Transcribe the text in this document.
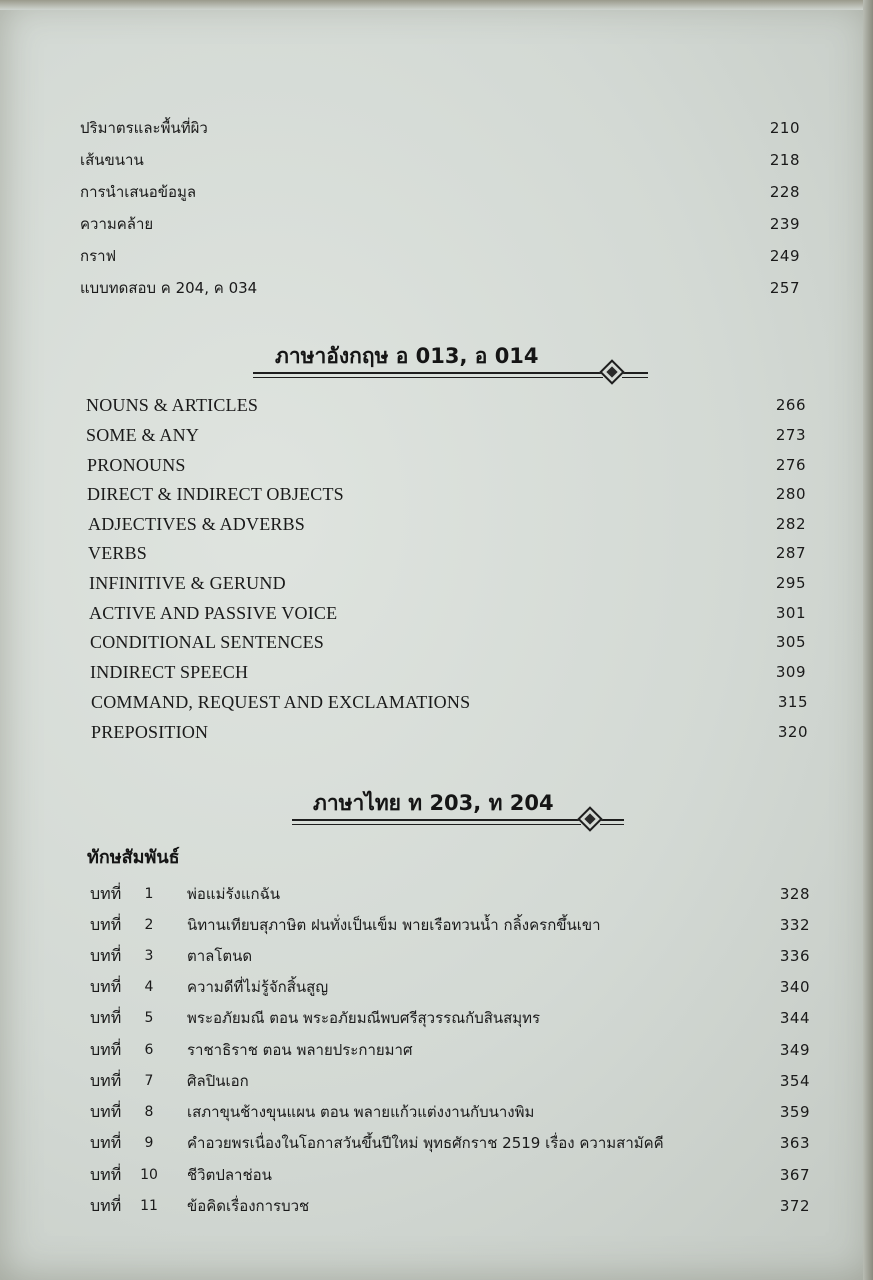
ปริมาตรและพื้นที่ผิว	210
เส้นขนาน	218
การนำเสนอข้อมูล	228
ความคล้าย	239
กราฟ	249
แบบทดสอบ ค 204, ค 034	257
ภาษาอังกฤษ อ 013, อ 014
NOUNS & ARTICLES	266
SOME & ANY	273
PRONOUNS	276
DIRECT & INDIRECT OBJECTS	280
ADJECTIVES & ADVERBS	282
VERBS	287
INFINITIVE & GERUND	295
ACTIVE AND PASSIVE VOICE	301
CONDITIONAL SENTENCES	305
INDIRECT SPEECH	309
COMMAND, REQUEST AND EXCLAMATIONS	315
PREPOSITION	320
ภาษาไทย ท 203, ท 204
ทักษสัมพันธ์
บทที่	1	พ่อแม่รังแกฉัน	328
บทที่	2	นิทานเทียบสุภาษิต ฝนทั่งเป็นเข็ม พายเรือทวนน้ำ กลิ้งครกขึ้นเขา	332
บทที่	3	ตาลโตนด	336
บทที่	4	ความดีที่ไม่รู้จักสิ้นสูญ	340
บทที่	5	พระอภัยมณี ตอน พระอภัยมณีพบศรีสุวรรณกับสินสมุทร	344
บทที่	6	ราชาธิราช ตอน พลายประกายมาศ	349
บทที่	7	ศิลปินเอก	354
บทที่	8	เสภาขุนช้างขุนแผน ตอน พลายแก้วแต่งงานกับนางพิม	359
บทที่	9	คำอวยพรเนื่องในโอกาสวันขึ้นปีใหม่ พุทธศักราช 2519 เรื่อง ความสามัคคี	363
บทที่ 10 ชีวิตปลาช่อน	367
บทที่ 11 ข้อคิดเรื่องการบวช	372
